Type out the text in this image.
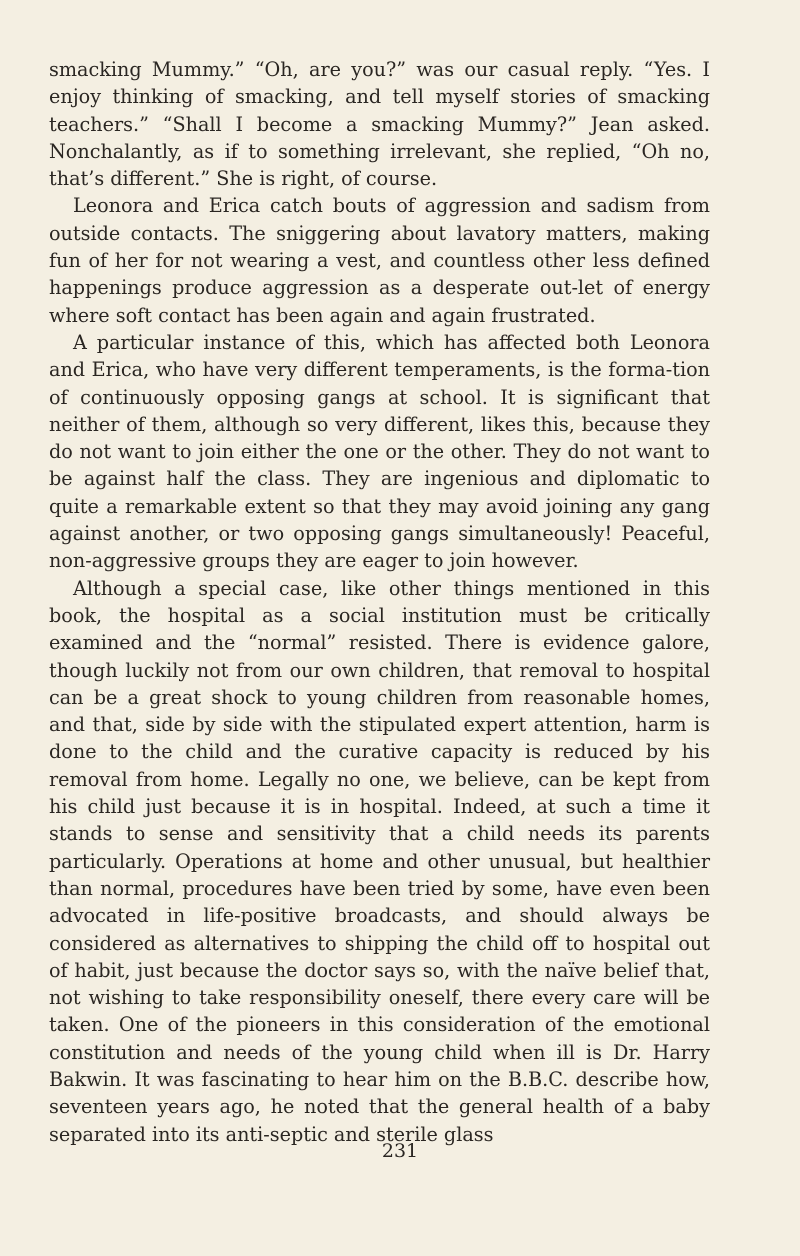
smacking Mummy.” “Oh, are you?” was our casual reply. “Yes. I enjoy thinking of smacking, and tell myself stories of smacking teachers.” “Shall I become a smacking Mummy?” Jean asked. Nonchalantly, as if to something irrelevant, she replied, “Oh no, that’s different.” She is right, of course.

Leonora and Erica catch bouts of aggression and sadism from outside contacts. The sniggering about lavatory matters, making fun of her for not wearing a vest, and countless other less defined happenings produce aggression as a desperate out-let of energy where soft contact has been again and again frustrated.

A particular instance of this, which has affected both Leonora and Erica, who have very different temperaments, is the forma-tion of continuously opposing gangs at school. It is significant that neither of them, although so very different, likes this, because they do not want to join either the one or the other. They do not want to be against half the class. They are ingenious and diplomatic to quite a remarkable extent so that they may avoid joining any gang against another, or two opposing gangs simultaneously! Peaceful, non-aggressive groups they are eager to join however.

Although a special case, like other things mentioned in this book, the hospital as a social institution must be critically examined and the “normal” resisted. There is evidence galore, though luckily not from our own children, that removal to hospital can be a great shock to young children from reasonable homes, and that, side by side with the stipulated expert attention, harm is done to the child and the curative capacity is reduced by his removal from home. Legally no one, we believe, can be kept from his child just because it is in hospital. Indeed, at such a time it stands to sense and sensitivity that a child needs its parents particularly. Operations at home and other unusual, but healthier than normal, procedures have been tried by some, have even been advocated in life-positive broadcasts, and should always be considered as alternatives to shipping the child off to hospital out of habit, just because the doctor says so, with the naïve belief that, not wishing to take responsibility oneself, there every care will be taken. One of the pioneers in this consideration of the emotional constitution and needs of the young child when ill is Dr. Harry Bakwin. It was fascinating to hear him on the B.B.C. describe how, seventeen years ago, he noted that the general health of a baby separated into its anti-septic and sterile glass

231
